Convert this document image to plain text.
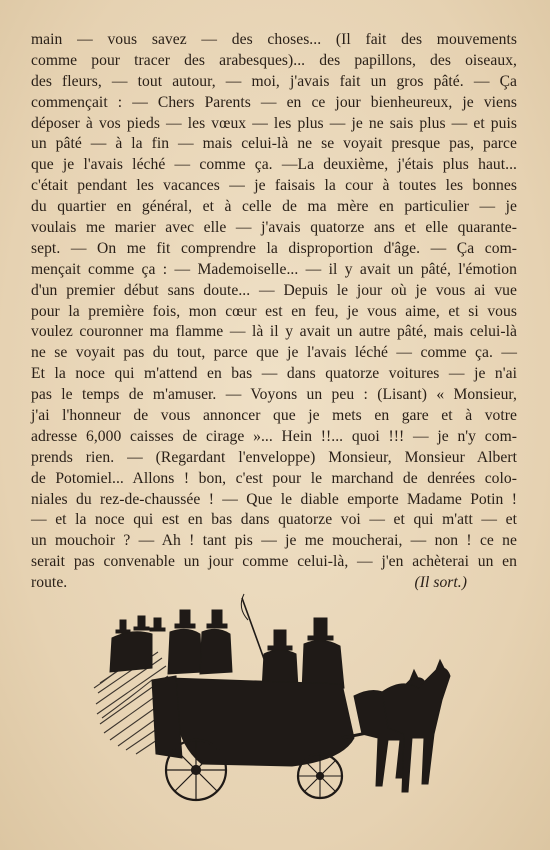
main — vous savez — des choses... (Il fait des mouvements
comme pour tracer des arabesques)... des papillons, des oiseaux,
des fleurs, — tout autour, — moi, j'avais fait un gros pâté. — Ça
commençait : — Chers Parents — en ce jour bienheureux, je viens
déposer à vos pieds — les vœux — les plus — je ne sais plus — et puis
un pâté — à la fin — mais celui-là ne se voyait presque pas, parce
que je l'avais léché — comme ça. —La deuxième, j'étais plus haut...
c'était pendant les vacances — je faisais la cour à toutes les bonnes
du quartier en général, et à celle de ma mère en particulier — je
voulais me marier avec elle — j'avais quatorze ans et elle quarante-
sept. — On me fit comprendre la disproportion d'âge. — Ça com-
mençait comme ça : — Mademoiselle... — il y avait un pâté, l'émotion
d'un premier début sans doute... — Depuis le jour où je vous ai vue
pour la première fois, mon cœur est en feu, je vous aime, et si vous
voulez couronner ma flamme — là il y avait un autre pâté, mais celui-là
ne se voyait pas du tout, parce que je l'avais léché — comme ça. —
Et la noce qui m'attend en bas — dans quatorze voitures — je n'ai
pas le temps de m'amuser. — Voyons un peu : (Lisant) « Monsieur,
j'ai l'honneur de vous annoncer que je mets en gare et à votre
adresse 6,000 caisses de cirage »... Hein !!... quoi !!! — je n'y com-
prends rien. — (Regardant l'enveloppe) Monsieur, Monsieur Albert
de Potomiel... Allons ! bon, c'est pour le marchand de denrées colo-
niales du rez-de-chaussée ! — Que le diable emporte Madame Potin !
— et la noce qui est en bas dans quatorze voi — et qui m'att — et
un mouchoir ? — Ah ! tant pis — je me moucherai, — non ! ce ne
serait pas convenable un jour comme celui-là, — j'en achèterai un en
route.	(Il sort.)
